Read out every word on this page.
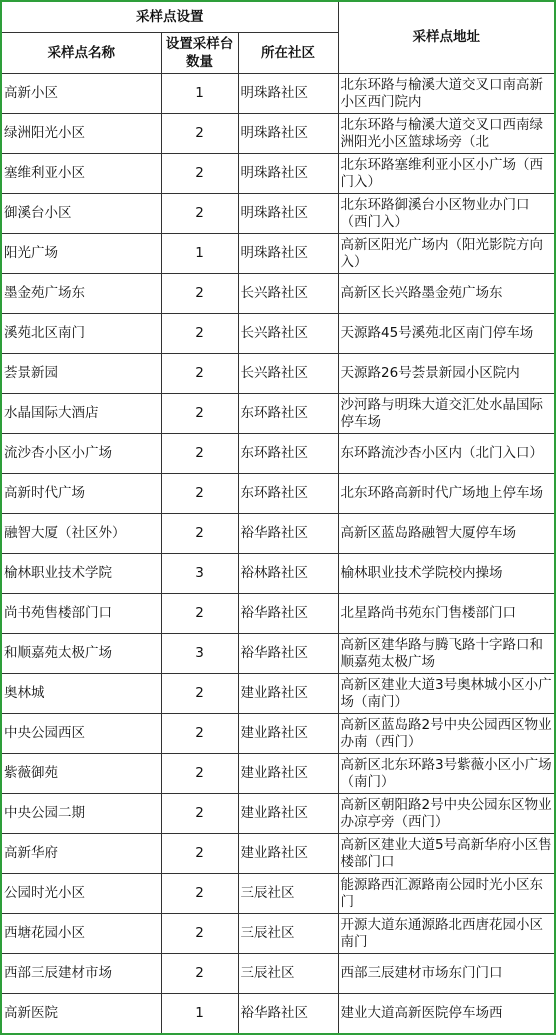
采样点设置			采样点地址
采样点名称	设置采样台数量	所在社区	
高新小区	1	明珠路社区	北东环路与榆溪大道交叉口南高新小区西门院内
绿洲阳光小区	2	明珠路社区	北东环路与榆溪大道交叉口西南绿洲阳光小区篮球场旁（北
塞维利亚小区	2	明珠路社区	北东环路塞维利亚小区小广场（西门入）
御溪台小区	2	明珠路社区	北东环路御溪台小区物业办门口（西门入）
阳光广场	1	明珠路社区	高新区阳光广场内（阳光影院方向入）
墨金苑广场东	2	长兴路社区	高新区长兴路墨金苑广场东
溪苑北区南门	2	长兴路社区	天源路45号溪苑北区南门停车场
荟景新园	2	长兴路社区	天源路26号荟景新园小区院内
水晶国际大酒店	2	东环路社区	沙河路与明珠大道交汇处水晶国际停车场
流沙杏小区小广场	2	东环路社区	东环路流沙杏小区内（北门入口）
高新时代广场	2	东环路社区	北东环路高新时代广场地上停车场
融智大厦（社区外）	2	裕华路社区	高新区蓝岛路融智大厦停车场
榆林职业技术学院	3	裕林路社区	榆林职业技术学院校内操场
尚书苑售楼部门口	2	裕华路社区	北星路尚书苑东门售楼部门口
和顺嘉苑太极广场	3	裕华路社区	高新区建华路与腾飞路十字路口和顺嘉苑太极广场
奥林城	2	建业路社区	高新区建业大道3号奥林城小区小广场（南门）
中央公园西区	2	建业路社区	高新区蓝岛路2号中央公园西区物业办南（西门）
紫薇御苑	2	建业路社区	高新区北东环路3号紫薇小区小广场（南门）
中央公园二期	2	建业路社区	高新区朝阳路2号中央公园东区物业办凉亭旁（西门）
高新华府	2	建业路社区	高新区建业大道5号高新华府小区售楼部门口
公园时光小区	2	三辰社区	能源路西汇源路南公园时光小区东门
西塘花园小区	2	三辰社区	开源大道东通源路北西唐花园小区南门
西部三辰建材市场	2	三辰社区	西部三辰建材市场东门门口
高新医院	1	裕华路社区	建业大道高新医院停车场西
